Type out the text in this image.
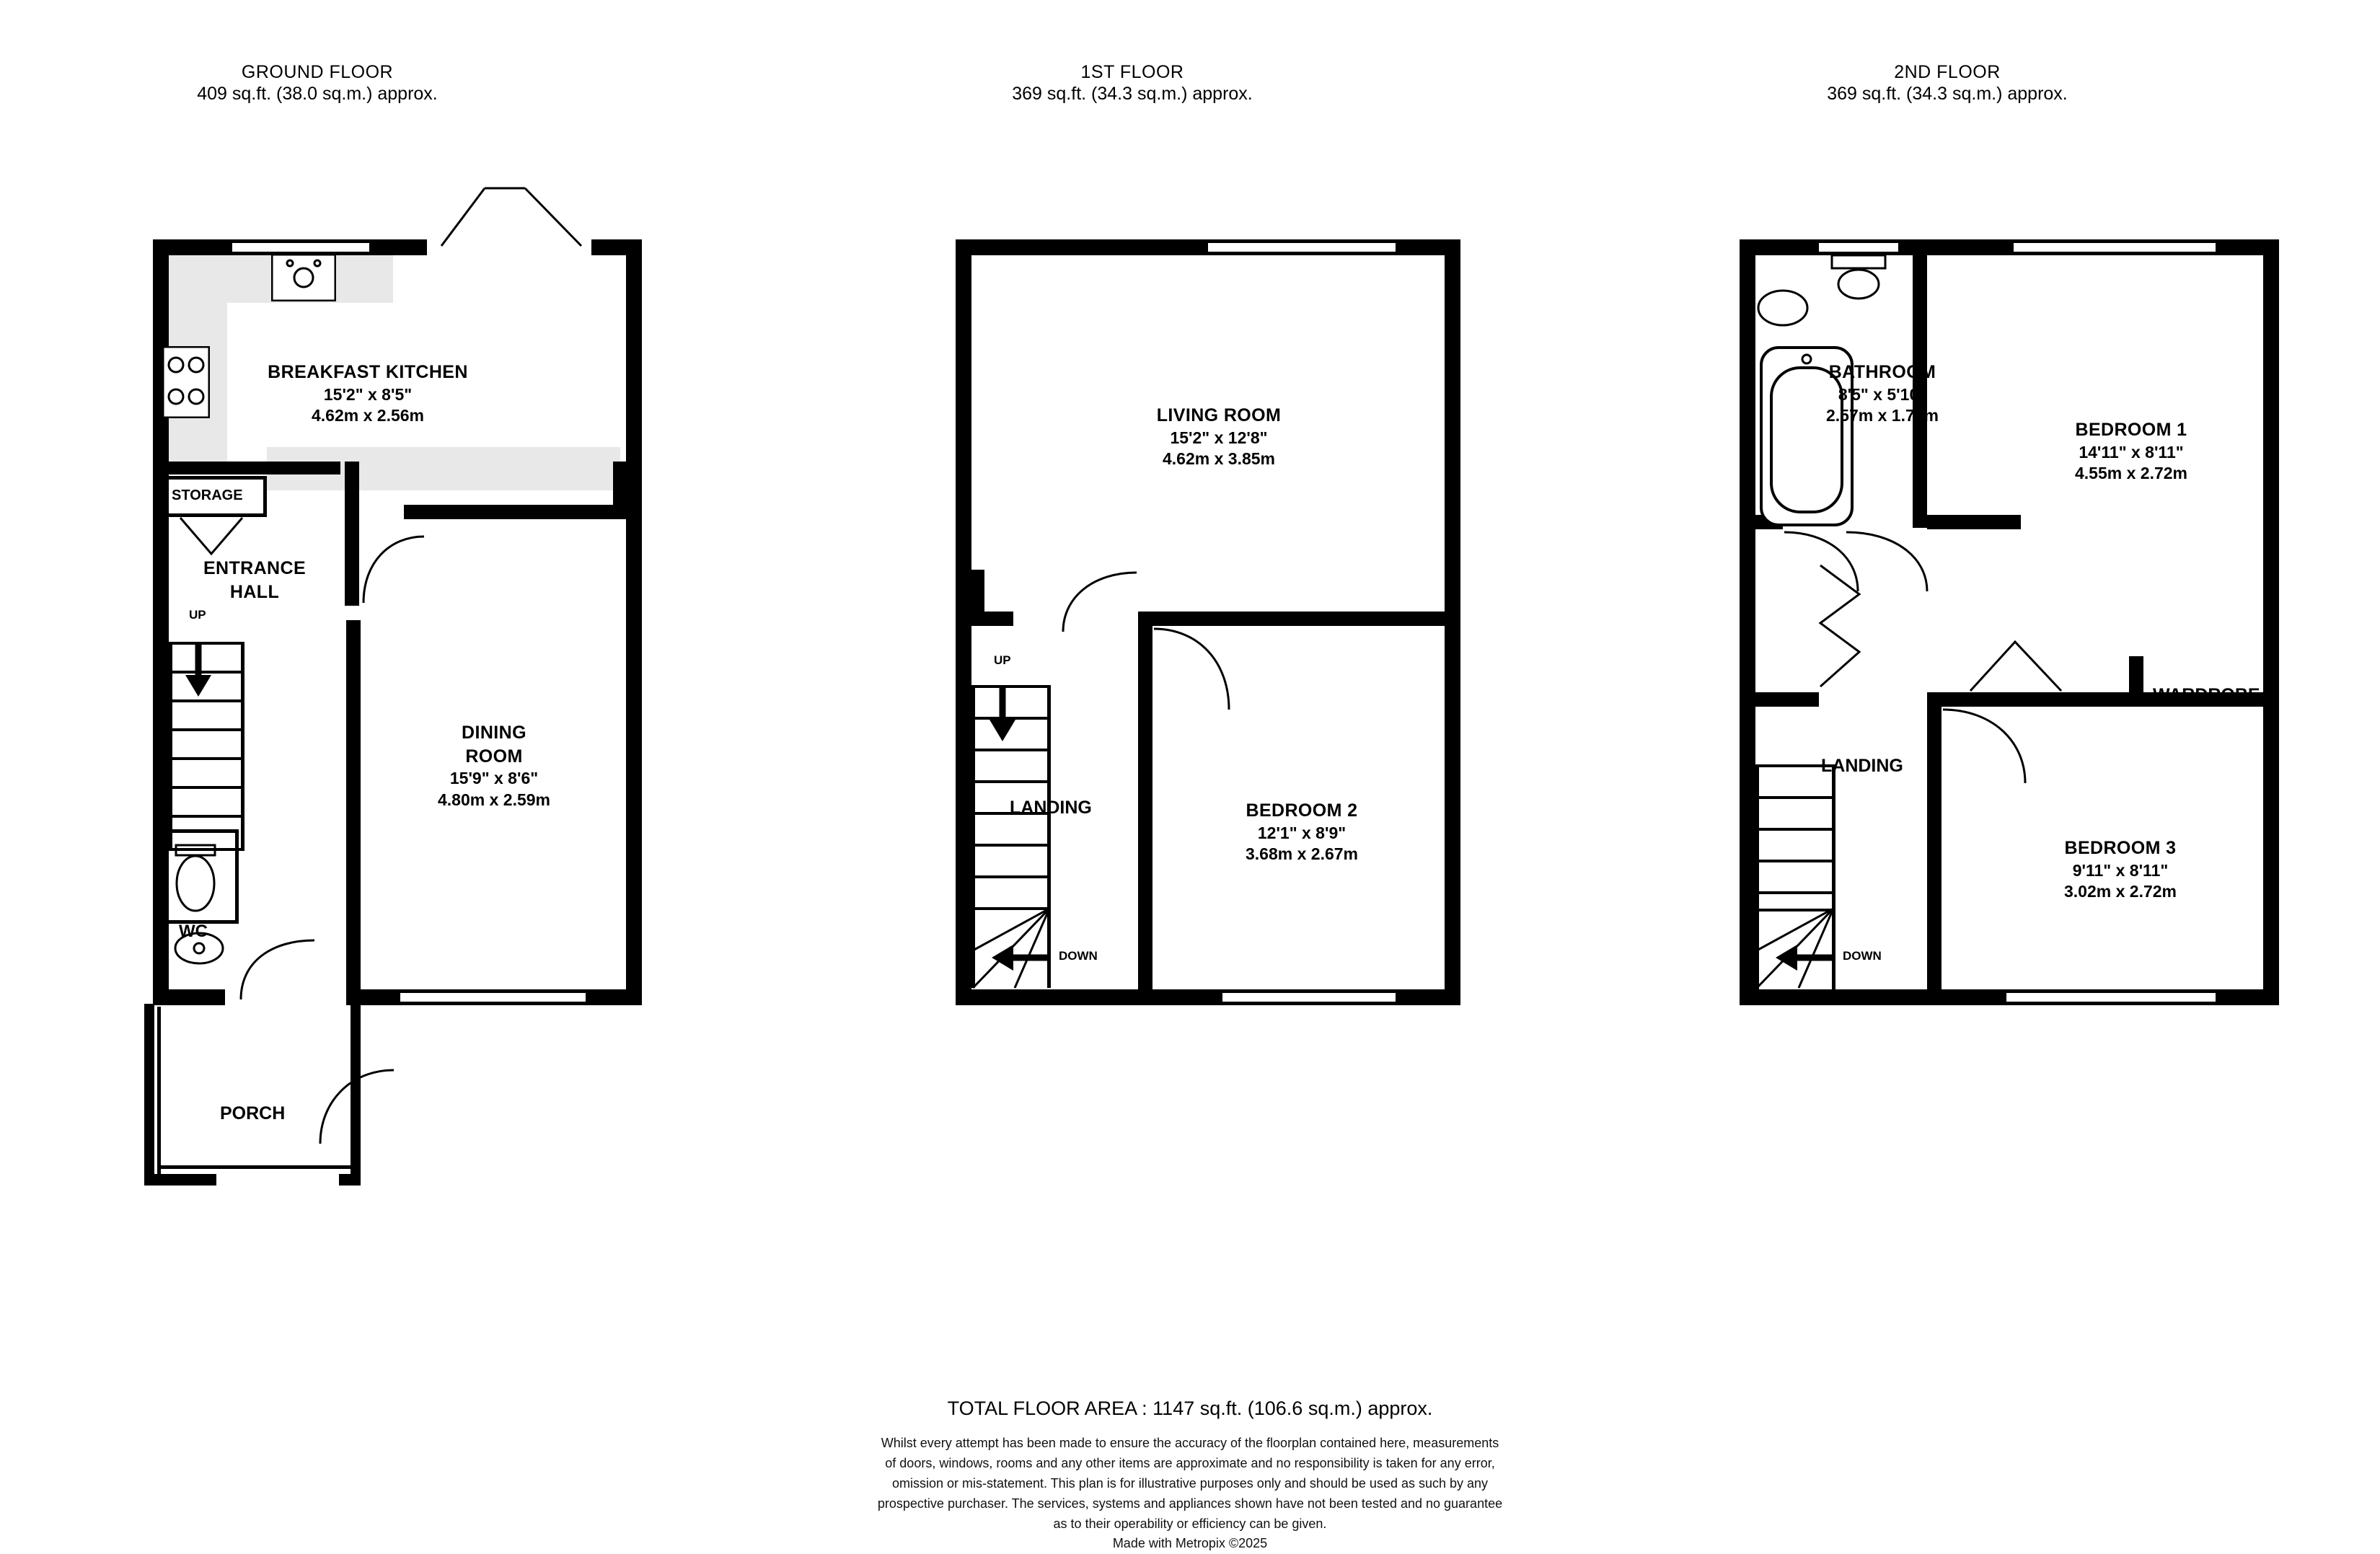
GROUND FLOOR
409 sq.ft. (38.0 sq.m.) approx.
UP
BREAKFAST KITCHEN
15'2" x 8'5"
4.62m x 2.56m
STORAGE
ENTRANCE
HALL
DINING
ROOM
15'9" x 8'6"
4.80m x 2.59m
WC
PORCH
1ST FLOOR
369 sq.ft. (34.3 sq.m.) approx.
UP
DOWN
LIVING ROOM
15'2" x 12'8"
4.62m x 3.85m
LANDING	BEDROOM 2
12'1" x 8'9"
3.68m x 2.67m
2ND FLOOR
369 sq.ft. (34.3 sq.m.) approx.
DOWN
BATHROOM
8'5" x 5'10"
2.57m x 1.78m
BEDROOM 1
14'11" x 8'11"
4.55m x 2.72m
WARDROBE
LANDING
BEDROOM 3
9'11" x 8'11"
3.02m x 2.72m
TOTAL FLOOR AREA : 1147 sq.ft. (106.6 sq.m.) approx.
Whilst every attempt has been made to ensure the accuracy of the floorplan contained here, measurements
of doors, windows, rooms and any other items are approximate and no responsibility is taken for any error,
omission or mis-statement. This plan is for illustrative purposes only and should be used as such by any
prospective purchaser. The services, systems and appliances shown have not been tested and no guarantee
as to their operability or efficiency can be given.
Made with Metropix ©2025
